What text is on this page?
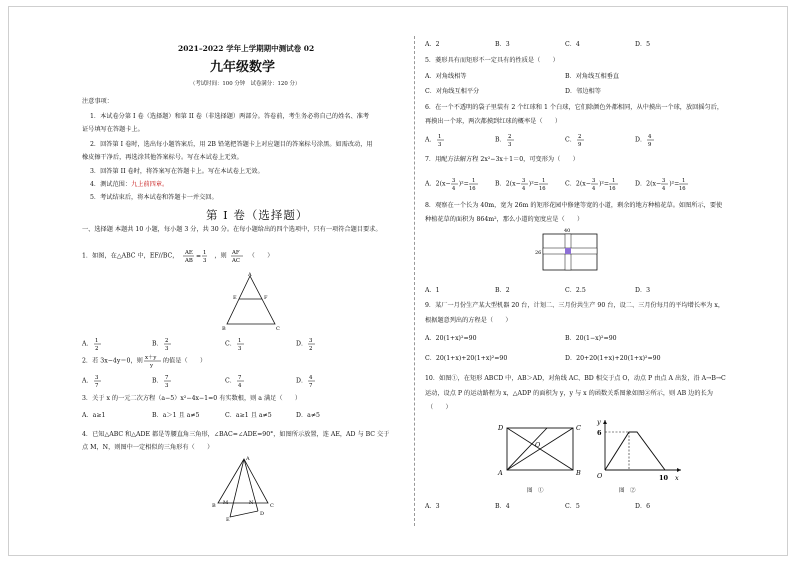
2021–2022 学年上学期期中测试卷 02
九年级数学
（考试时间：100 分钟　试卷满分：120 分）
注意事项：
1．本试卷分第 I 卷（选择题）和第 II 卷（非选择题）两部分。答卷前，考生务必将自己的姓名、准考
证号填写在答题卡上。
2．回答第 I 卷时，选出每小题答案后，用 2B 铅笔把答题卡上对应题目的答案标号涂黑。如需改动，用
橡皮擦干净后，再选涂其他答案标号。写在本试卷上无效。
3．回答第 II 卷时，将答案写在答题卡上。写在本试卷上无效。
4．测试范围：九上前四章。
5．考试结束后，将本试卷和答题卡一并交回。
第 I 卷（选择题）
一、选择题 本题共 10 小题，每小题 3 分，共 30 分。在每小题给出的四个选项中，只有一项符合题目要求。
1．如图，在△ABC 中，EF//BC， AE
AB
= 1
3
，则 AF
AC
（　　）
A
E	F
B	C
A． 1
2
B． 2
3
C． 1
3
D． 3
2
2．若 3x−4y＝0，则 x＋y
y
的值是（　　）
A． 3
7
B． 7
3
C． 7
4
D． 4
7
3．关于 x 的一元二次方程（a−5）x²−4x−1=0 有实数根，则 a 满足（　　）
A．a≥1	B．a＞1 且 a≠5	C．a≥1 且 a≠5	D．a≠5
4．已知△ABC 和△ADE 都是等腰直角三角形，∠BAC=∠ADE=90°，如图所示放置，连 AE，AD 与 BC 交于
点 M，N，则图中一定相似的三角形有（　　）
A
B M	N	C
D
E
A．2	B．3	C．4	D．5
5．菱形具有而矩形不一定具有的性质是（　　）
A．对角线相等	B．对角线互相垂直
C．对角线互相平分	D．邻边相等
6．在一个不透明的袋子里装有 2 个红球和 1 个白球，它们除颜色外都相同，从中摸出一个球，放回摇匀后，
再摸出一个球，两次都摸到红球的概率是（　　）
A． 1
3
B． 2
3
C． 2
9
D． 4
9
7．用配方法解方程 2x²−3x＋1＝0，可变形为（　　）
A．2(x− 3
4
)²= 1
16
B．2(x− 3
4
)²= 1
16
C．2(x− 3
4
)²= 1
16
D．2(x− 3
4
)²= 1
16
8．观察在一个长为 40m，宽为 26m 的矩形花园中修建等宽的小道，剩余的地方种植花草。如图所示，要使
种植花草的面积为 864m²，那么小道的宽度应是（　　）
40
26
A．1	B．2	C．2.5	D．3
9．某厂一月份生产某大型机器 20 台，计划二、三月份共生产 90 台，设二、三月份每月的平均增长率为 x，
根据题意列出的方程是（　　）
A．20(1+x)²=90	B．20(1−x)²=90
C．20(1+x)+20(1+x)²=90	D．20+20(1+x)+20(1+x)²=90
10．如图①，在矩形 ABCD 中，AB＞AD，对角线 AC、BD 相交于点 O，动点 P 由点 A 出发，沿 A→B→C
运动，设点 P 的运动路程为 x，△ADP 的面积为 y，y 与 x 的函数关系图象如图②所示，则 AB 边的长为
（　　）
D	C
O
A	B
图　①
y
6
O	10 x
图　②
A．3	B．4	C．5	D．6
